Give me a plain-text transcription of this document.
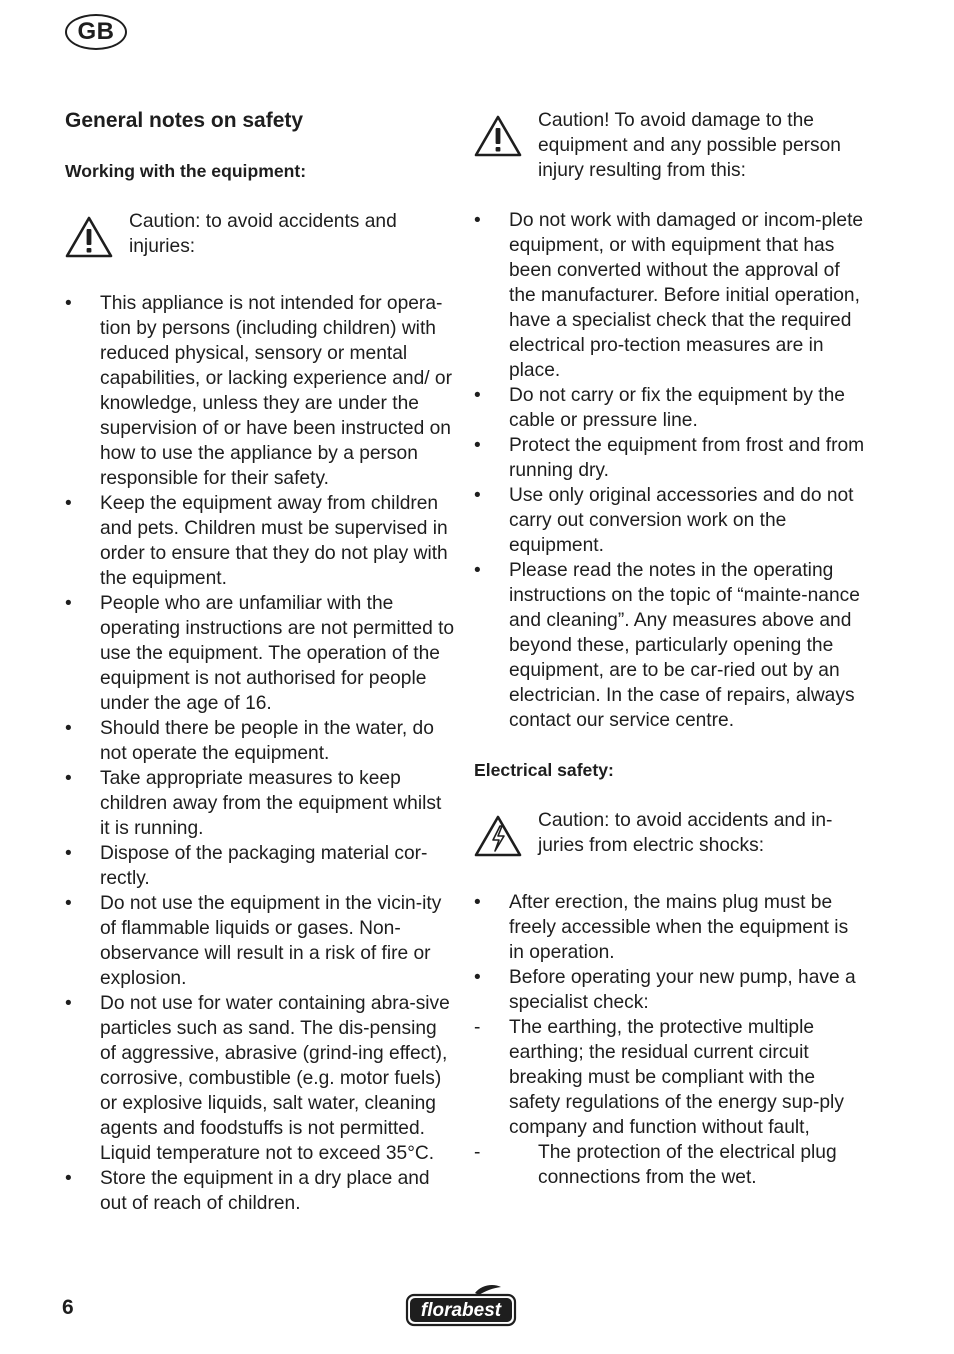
GB
General notes on safety
Working with the equipment:
Caution: to avoid accidents and injuries:
•	This appliance is not intended for opera-tion by persons (including children) with reduced physical, sensory or mental capabilities, or lacking experience and/ or knowledge, unless they are under the supervision of or have been instructed on how to use the appliance by a person responsible for their safety.
•	Keep the equipment away from children and pets. Children must be supervised in order to ensure that they do not play with the equipment.
•	People who are unfamiliar with the operating instructions are not permitted to use the equipment. The operation of the equipment is not authorised for people under the age of 16.
•	Should there be people in the water, do not operate the equipment.
•	Take appropriate measures to keep children away from the equipment whilst it is running.
•	Dispose of the packaging material cor-rectly.
•	Do not use the equipment in the vicin-ity of flammable liquids or gases. Non-observance will result in a risk of fire or explosion.
•	Do not use for water containing abra-sive particles such as sand. The dis-pensing of aggressive, abrasive (grind-ing effect), corrosive, combustible (e.g. motor fuels) or explosive liquids, salt water, cleaning agents and foodstuffs is not permitted. Liquid temperature not to exceed 35°C.
•	Store the equipment in a dry place and out of reach of children.
Caution! To avoid damage to the equipment and any possible person injury resulting from this:
•	Do not work with damaged or incom-plete equipment, or with equipment that has been converted without the approval of the manufacturer. Before initial operation, have a specialist check that the required electrical pro-tection measures are in place.
•	Do not carry or fix the equipment by the cable or pressure line.
•	Protect the equipment from frost and from running dry.
•	Use only original accessories and do not carry out conversion work on the equipment.
•	Please read the notes in the operating instructions on the topic of “mainte-nance and cleaning”. Any measures above and beyond these, particularly opening the equipment, are to be car-ried out by an electrician. In the case of repairs, always contact our service centre.
Electrical safety:
Caution: to avoid accidents and in-juries from electric shocks:
•	After erection, the mains plug must be freely accessible when the equipment is in operation.
•	Before operating your new pump, have a specialist check:
-	The earthing, the protective multiple earthing; the residual current circuit breaking must be compliant with the safety regulations of the energy sup-ply company and function without fault,
-	The protection of the electrical plug connections from the wet.
6	florabest
